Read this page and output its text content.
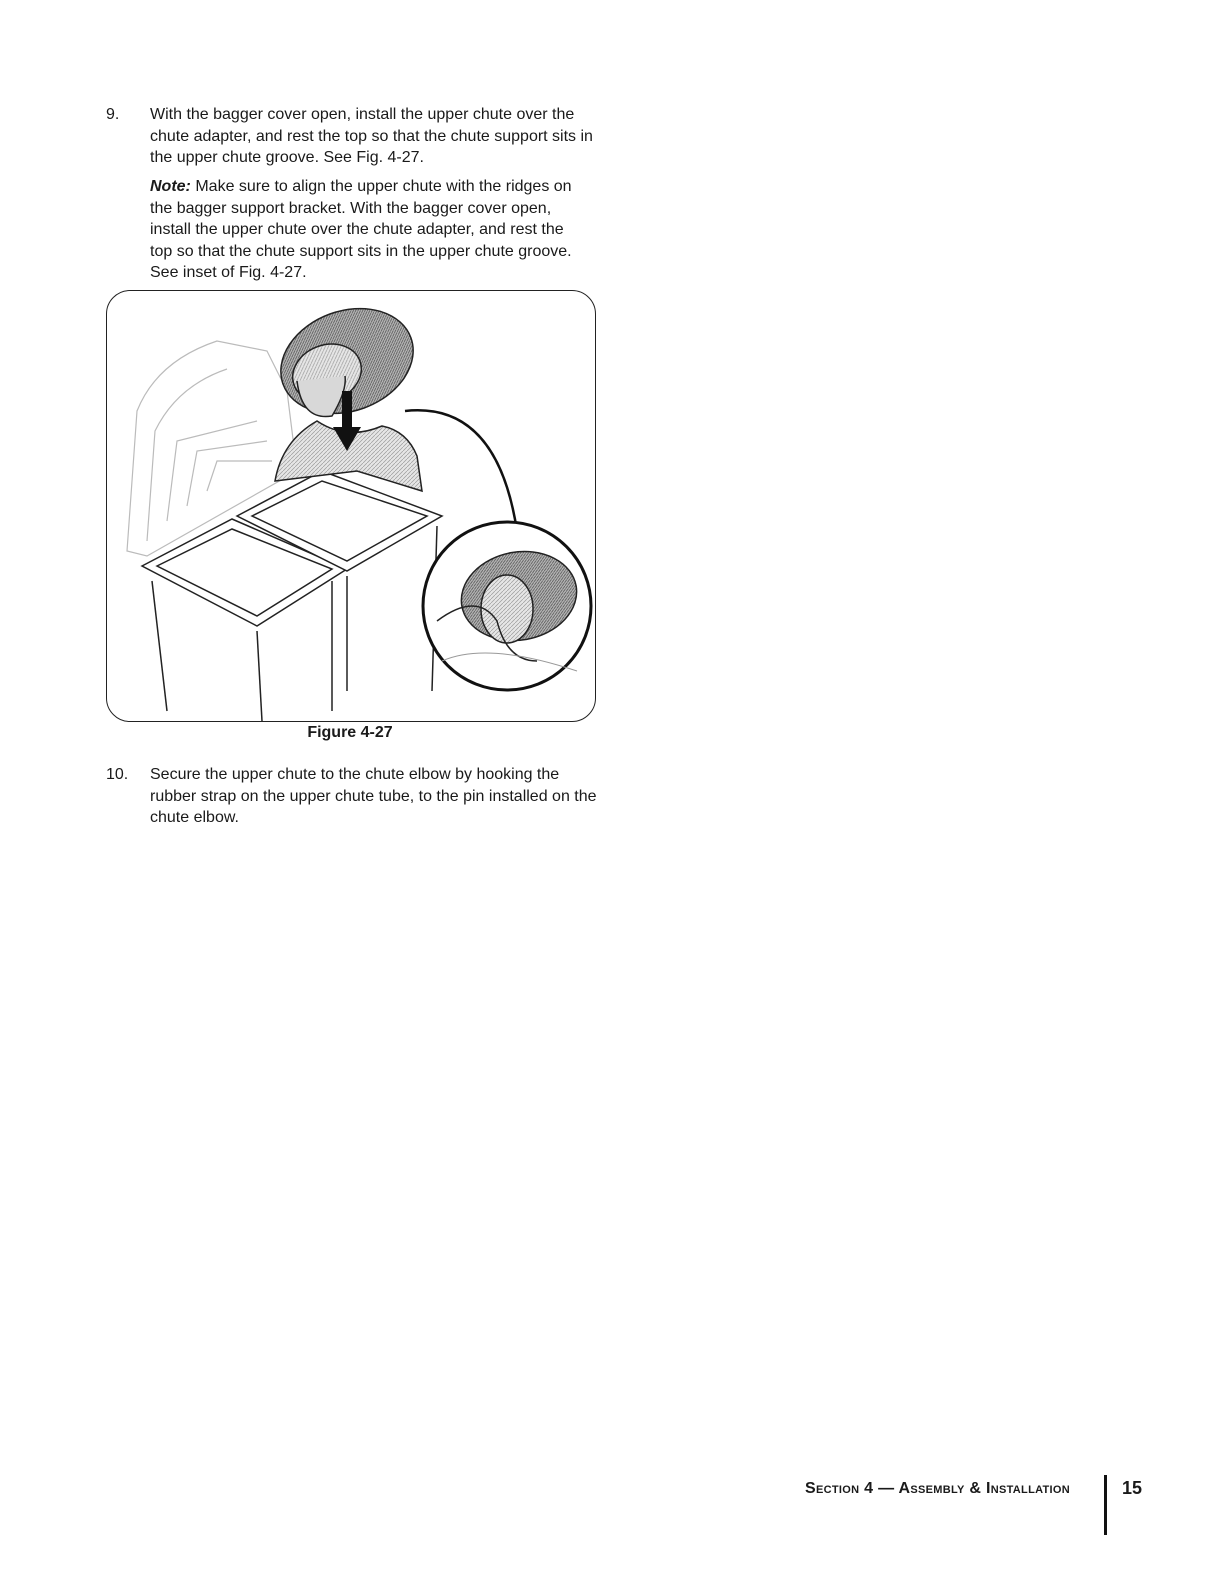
9. With the bagger cover open, install the upper chute over the chute adapter, and rest the top so that the chute support sits in the upper chute groove. See Fig. 4-27.
Note: Make sure to align the upper chute with the ridges on the bagger support bracket. With the bagger cover open, install the upper chute over the chute adapter, and rest the top so that the chute support sits in the upper chute groove. See inset of Fig. 4-27.
Figure 4-27
10. Secure the upper chute to the chute elbow by hooking the rubber strap on the upper chute tube, to the pin installed on the chute elbow.
Section 4 — Assembly & Installation	15
